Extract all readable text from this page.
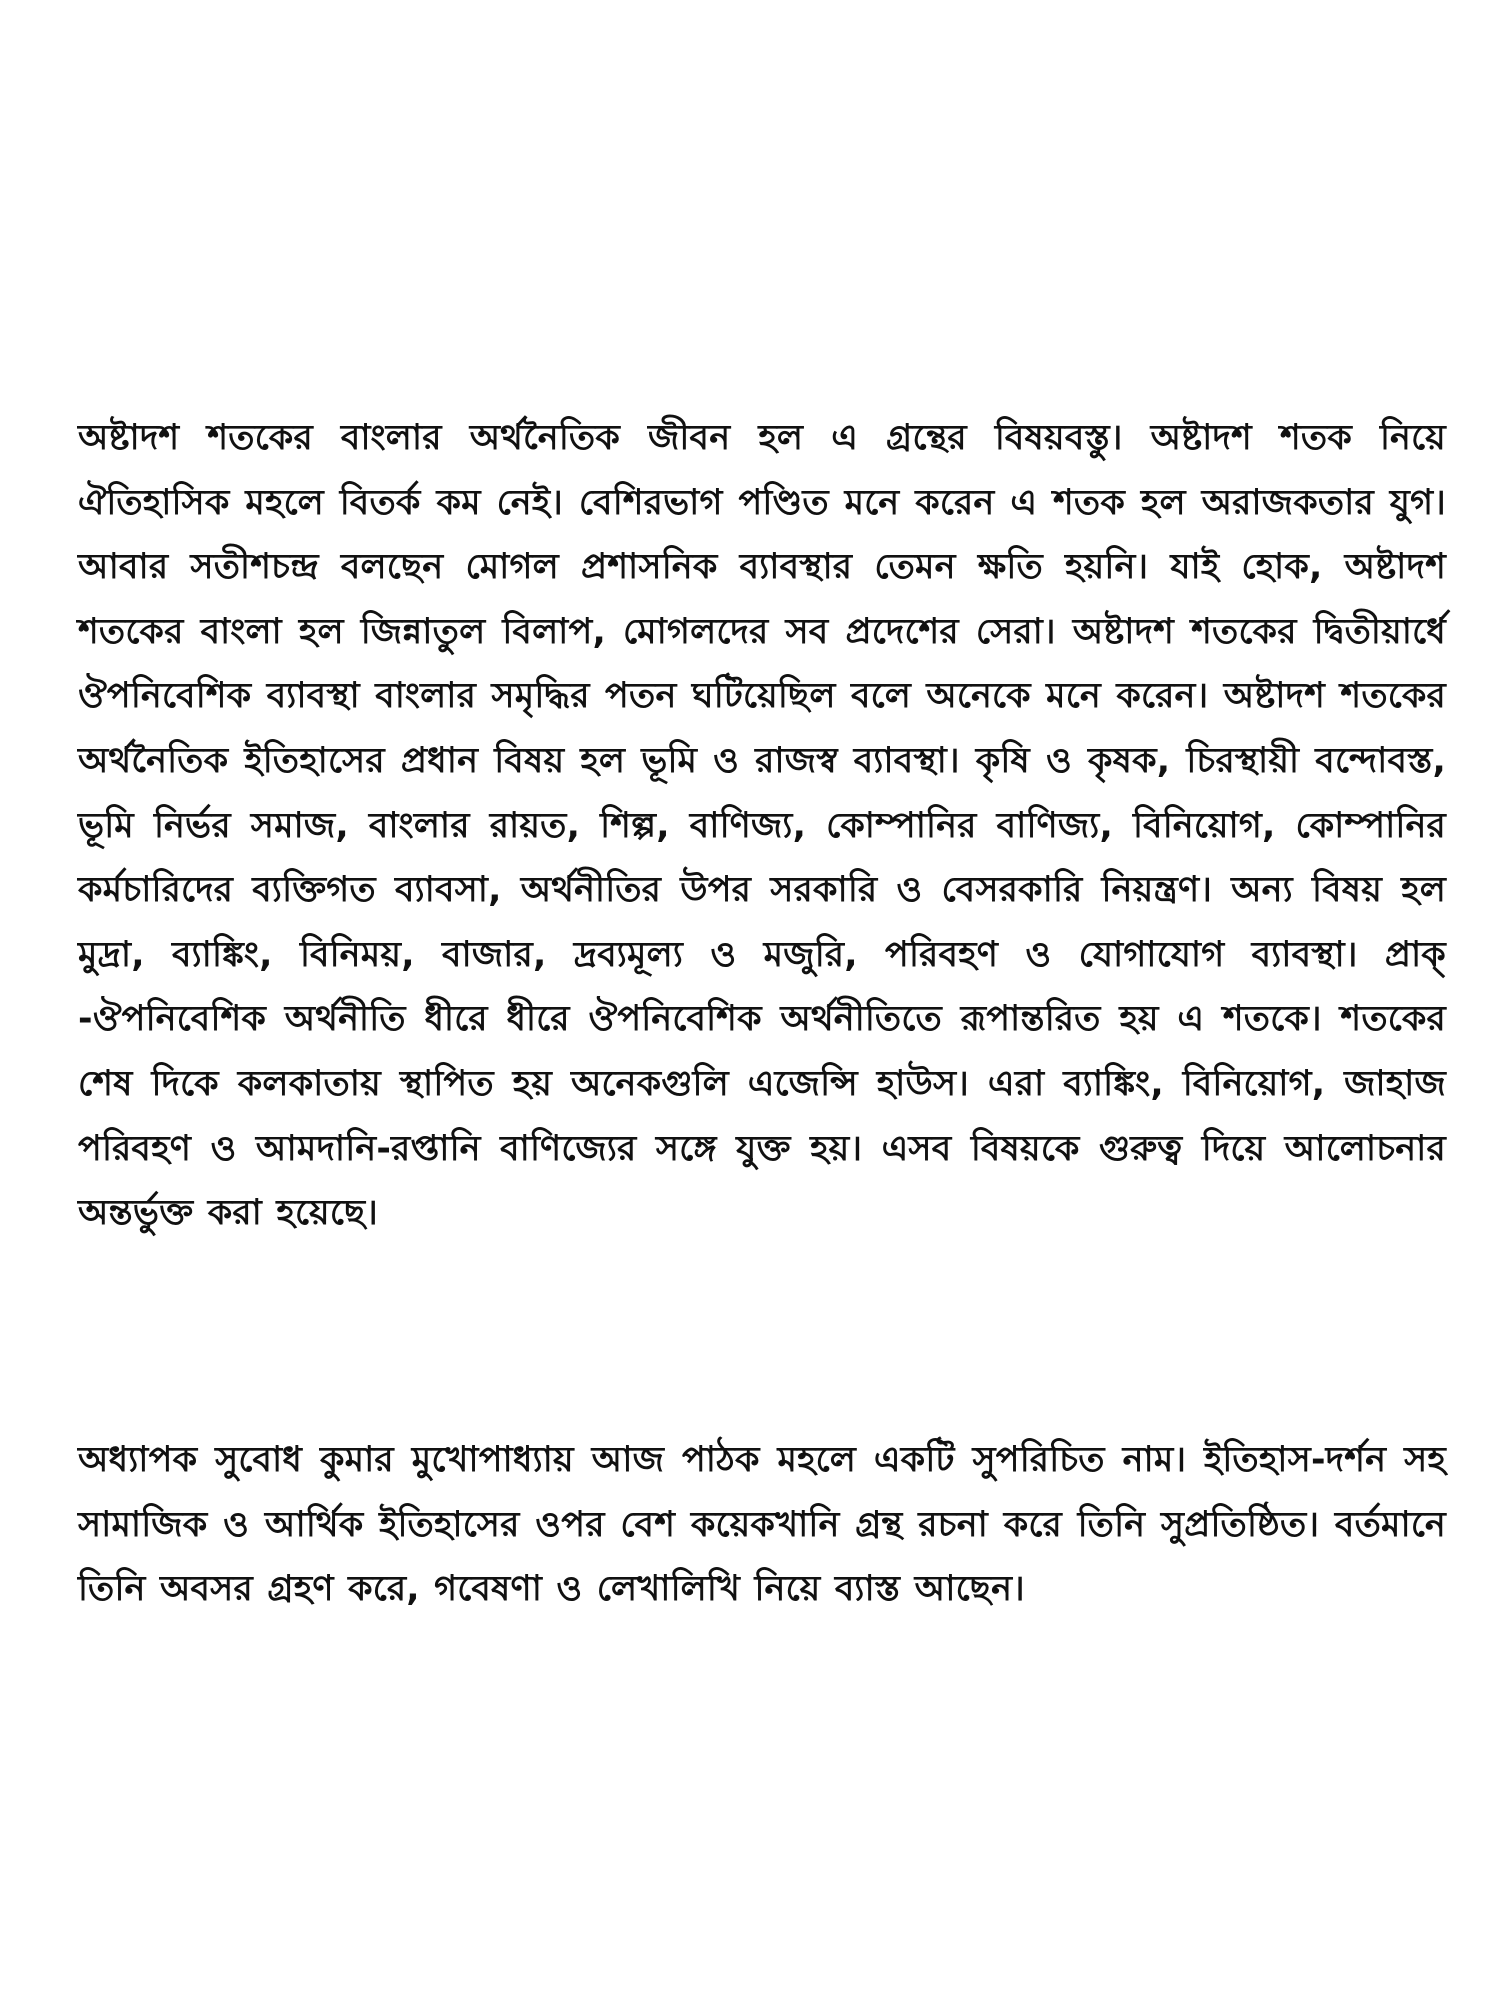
অষ্টাদশ শতকের বাংলার অর্থনৈতিক জীবন হল এ গ্রন্থের বিষয়বস্তু। অষ্টাদশ শতক নিয়ে ঐতিহাসিক মহলে বিতর্ক কম নেই। বেশিরভাগ পণ্ডিত মনে করেন এ শতক হল অরাজকতার যুগ। আবার সতীশচন্দ্র বলছেন মোগল প্রশাসনিক ব্যাবস্থার তেমন ক্ষতি হয়নি। যাই হোক, অষ্টাদশ শতকের বাংলা হল জিন্নাতুল বিলাপ, মোগলদের সব প্রদেশের সেরা। অষ্টাদশ শতকের দ্বিতীয়ার্ধে ঔপনিবেশিক ব্যাবস্থা বাংলার সমৃদ্ধির পতন ঘটিয়েছিল বলে অনেকে মনে করেন। অষ্টাদশ শতকের অর্থনৈতিক ইতিহাসের প্রধান বিষয় হল ভূমি ও রাজস্ব ব্যাবস্থা। কৃষি ও কৃষক, চিরস্থায়ী বন্দোবস্ত, ভূমি নির্ভর সমাজ, বাংলার রায়ত, শিল্প, বাণিজ্য, কোম্পানির বাণিজ্য, বিনিয়োগ, কোম্পানির কর্মচারিদের ব্যক্তিগত ব্যাবসা, অর্থনীতির উপর সরকারি ও বেসরকারি নিয়ন্ত্রণ। অন্য বিষয় হল মুদ্রা, ব্যাঙ্কিং, বিনিময়, বাজার, দ্রব্যমূল্য ও মজুরি, পরিবহণ ও যোগাযোগ ব্যাবস্থা। প্রাক্ -ঔপনিবেশিক অর্থনীতি ধীরে ধীরে ঔপনিবেশিক অর্থনীতিতে রূপান্তরিত হয় এ শতকে। শতকের শেষ দিকে কলকাতায় স্থাপিত হয় অনেকগুলি এজেন্সি হাউস। এরা ব্যাঙ্কিং, বিনিয়োগ, জাহাজ পরিবহণ ও আমদানি-রপ্তানি বাণিজ্যের সঙ্গে যুক্ত হয়। এসব বিষয়কে গুরুত্ব দিয়ে আলোচনার অন্তর্ভুক্ত করা হয়েছে।

অধ্যাপক সুবোধ কুমার মুখোপাধ্যায় আজ পাঠক মহলে একটি সুপরিচিত নাম। ইতিহাস-দর্শন সহ সামাজিক ও আর্থিক ইতিহাসের ওপর বেশ কয়েকখানি গ্রন্থ রচনা করে তিনি সুপ্রতিষ্ঠিত। বর্তমানে তিনি অবসর গ্রহণ করে, গবেষণা ও লেখালিখি নিয়ে ব্যাস্ত আছেন।
